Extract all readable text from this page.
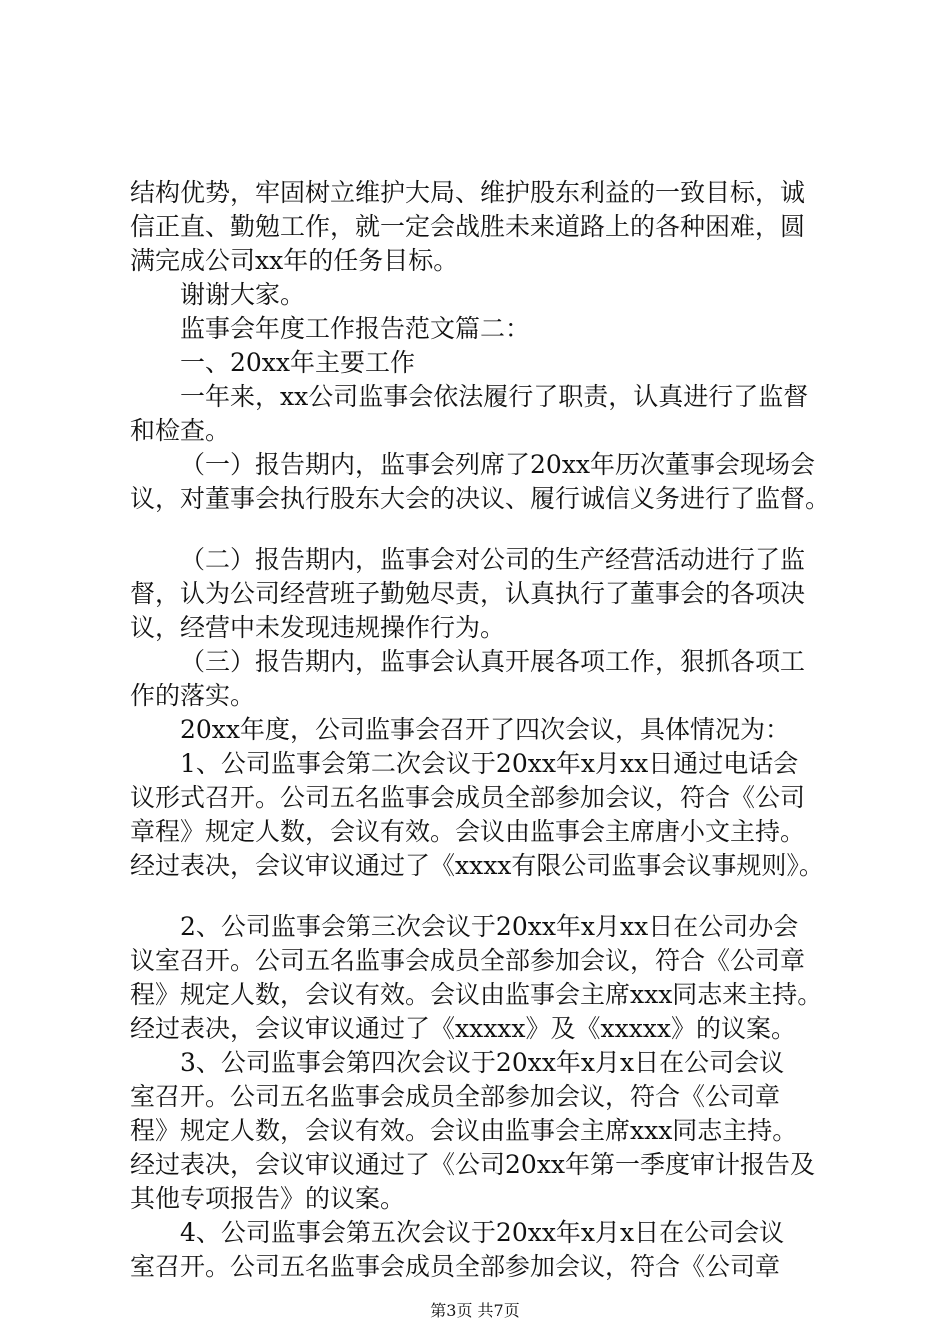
结构优势，牢固树立维护大局、维护股东利益的一致目标，诚
信正直、勤勉工作，就一定会战胜未来道路上的各种困难，圆
满完成公司xx年的任务目标。
谢谢大家。
监事会年度工作报告范文篇二：
一、20xx年主要工作
一年来，xx公司监事会依法履行了职责，认真进行了监督
和检查。
（一）报告期内，监事会列席了20xx年历次董事会现场会
议，对董事会执行股东大会的决议、履行诚信义务进行了监督。
（二）报告期内，监事会对公司的生产经营活动进行了监
督，认为公司经营班子勤勉尽责，认真执行了董事会的各项决
议，经营中未发现违规操作行为。
（三）报告期内，监事会认真开展各项工作，狠抓各项工
作的落实。
20xx年度，公司监事会召开了四次会议，具体情况为：
1、公司监事会第二次会议于20xx年x月xx日通过电话会
议形式召开。公司五名监事会成员全部参加会议，符合《公司
章程》规定人数，会议有效。会议由监事会主席唐小文主持。
经过表决，会议审议通过了《xxxx有限公司监事会议事规则》。
2、公司监事会第三次会议于20xx年x月xx日在公司办会
议室召开。公司五名监事会成员全部参加会议，符合《公司章
程》规定人数，会议有效。会议由监事会主席xxx同志来主持。
经过表决，会议审议通过了《xxxxx》及《xxxxx》的议案。
3、公司监事会第四次会议于20xx年x月x日在公司会议
室召开。公司五名监事会成员全部参加会议，符合《公司章
程》规定人数，会议有效。会议由监事会主席xxx同志主持。
经过表决，会议审议通过了《公司20xx年第一季度审计报告及
其他专项报告》的议案。
4、公司监事会第五次会议于20xx年x月x日在公司会议
室召开。公司五名监事会成员全部参加会议，符合《公司章
第3页 共7页
